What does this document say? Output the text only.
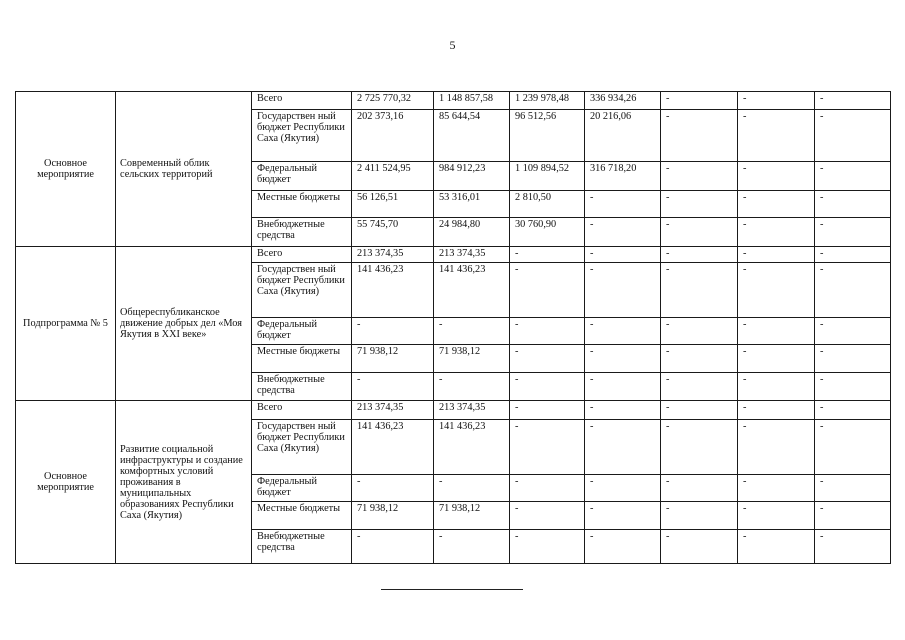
5
Основное мероприятие	Современный облик сельских территорий	Всего	2 725 770,32	1 148 857,58	1 239 978,48	336 934,26	-	-	-
		Государствен ный бюджет Республики Саха (Якутия)	202 373,16	85 644,54	96 512,56	20 216,06	-	-	-
		Федеральный бюджет	2 411 524,95	984 912,23	1 109 894,52	316 718,20	-	-	-
		Местные бюджеты	56 126,51	53 316,01	2 810,50	-	-	-	-
		Внебюджетные средства	55 745,70	24 984,80	30 760,90	-	-	-	-
Подпрограмма № 5	Общереспубликанское движение добрых дел «Моя Якутия в XXI веке»	Всего	213 374,35	213 374,35	-	-	-	-	-
		Государствен ный бюджет Республики Саха (Якутия)	141 436,23	141 436,23	-	-	-	-	-
		Федеральный бюджет	-	-	-	-	-	-	-
		Местные бюджеты	71 938,12	71 938,12	-	-	-	-	-
		Внебюджетные средства	-	-	-	-	-	-	-
Основное мероприятие	Развитие социальной инфраструктуры и создание комфортных условий проживания в муниципальных образованиях Республики Саха (Якутия)	Всего	213 374,35	213 374,35	-	-	-	-	-
		Государствен ный бюджет Республики Саха (Якутия)	141 436,23	141 436,23	-	-	-	-	-
		Федеральный бюджет	-	-	-	-	-	-	-
		Местные бюджеты	71 938,12	71 938,12	-	-	-	-	-
		Внебюджетные средства	-	-	-	-	-	-	-
